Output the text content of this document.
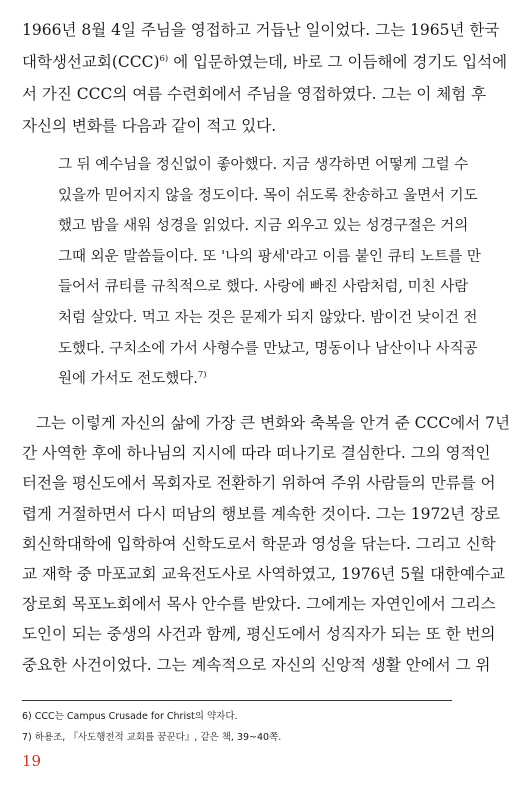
1966년 8월 4일 주님을 영접하고 거듭난 일이었다. 그는 1965년 한국
대학생선교회(CCC)$^{6)}$ 에 입문하였는데, 바로 그 이듬해에 경기도 입석에
서 가진 CCC의 여름 수련회에서 주님을 영접하였다. 그는 이 체험 후
자신의 변화를 다음과 같이 적고 있다.
그 뒤 예수님을 정신없이 좋아했다. 지금 생각하면 어떻게 그럴 수
있을까 믿어지지 않을 정도이다. 목이 쉬도록 찬송하고 울면서 기도
했고 밤을 새워 성경을 읽었다. 지금 외우고 있는 성경구절은 거의
그때 외운 말씀들이다. 또 '나의 팡세'라고 이름 붙인 큐티 노트를 만
들어서 큐티를 규칙적으로 했다. 사랑에 빠진 사람처럼, 미친 사람
처럼 살았다. 먹고 자는 것은 문제가 되지 않았다. 밤이건 낮이건 전
도했다. 구치소에 가서 사형수를 만났고, 명동이나 남산이나 사직공
원에 가서도 전도했다.$^{7)}$
그는 이렇게 자신의 삶에 가장 큰 변화와 축복을 안겨 준 CCC에서 7년
간 사역한 후에 하나님의 지시에 따라 떠나기로 결심한다. 그의 영적인
터전을 평신도에서 목회자로 전환하기 위하여 주위 사람들의 만류를 어
렵게 거절하면서 다시 떠남의 행보를 계속한 것이다. 그는 1972년 장로
회신학대학에 입학하여 신학도로서 학문과 영성을 닦는다. 그리고 신학
교 재학 중 마포교회 교육전도사로 사역하였고, 1976년 5월 대한예수교
장로회 목포노회에서 목사 안수를 받았다. 그에게는 자연인에서 그리스
도인이 되는 중생의 사건과 함께, 평신도에서 성직자가 되는 또 한 번의
중요한 사건이었다. 그는 계속적으로 자신의 신앙적 생활 안에서 그 위
6) CCC는 Campus Crusade for Christ의 약자다.
7) 하용조, 『사도행전적 교회를 꿈꾼다』, 같은 책, 39~40쪽.
19
